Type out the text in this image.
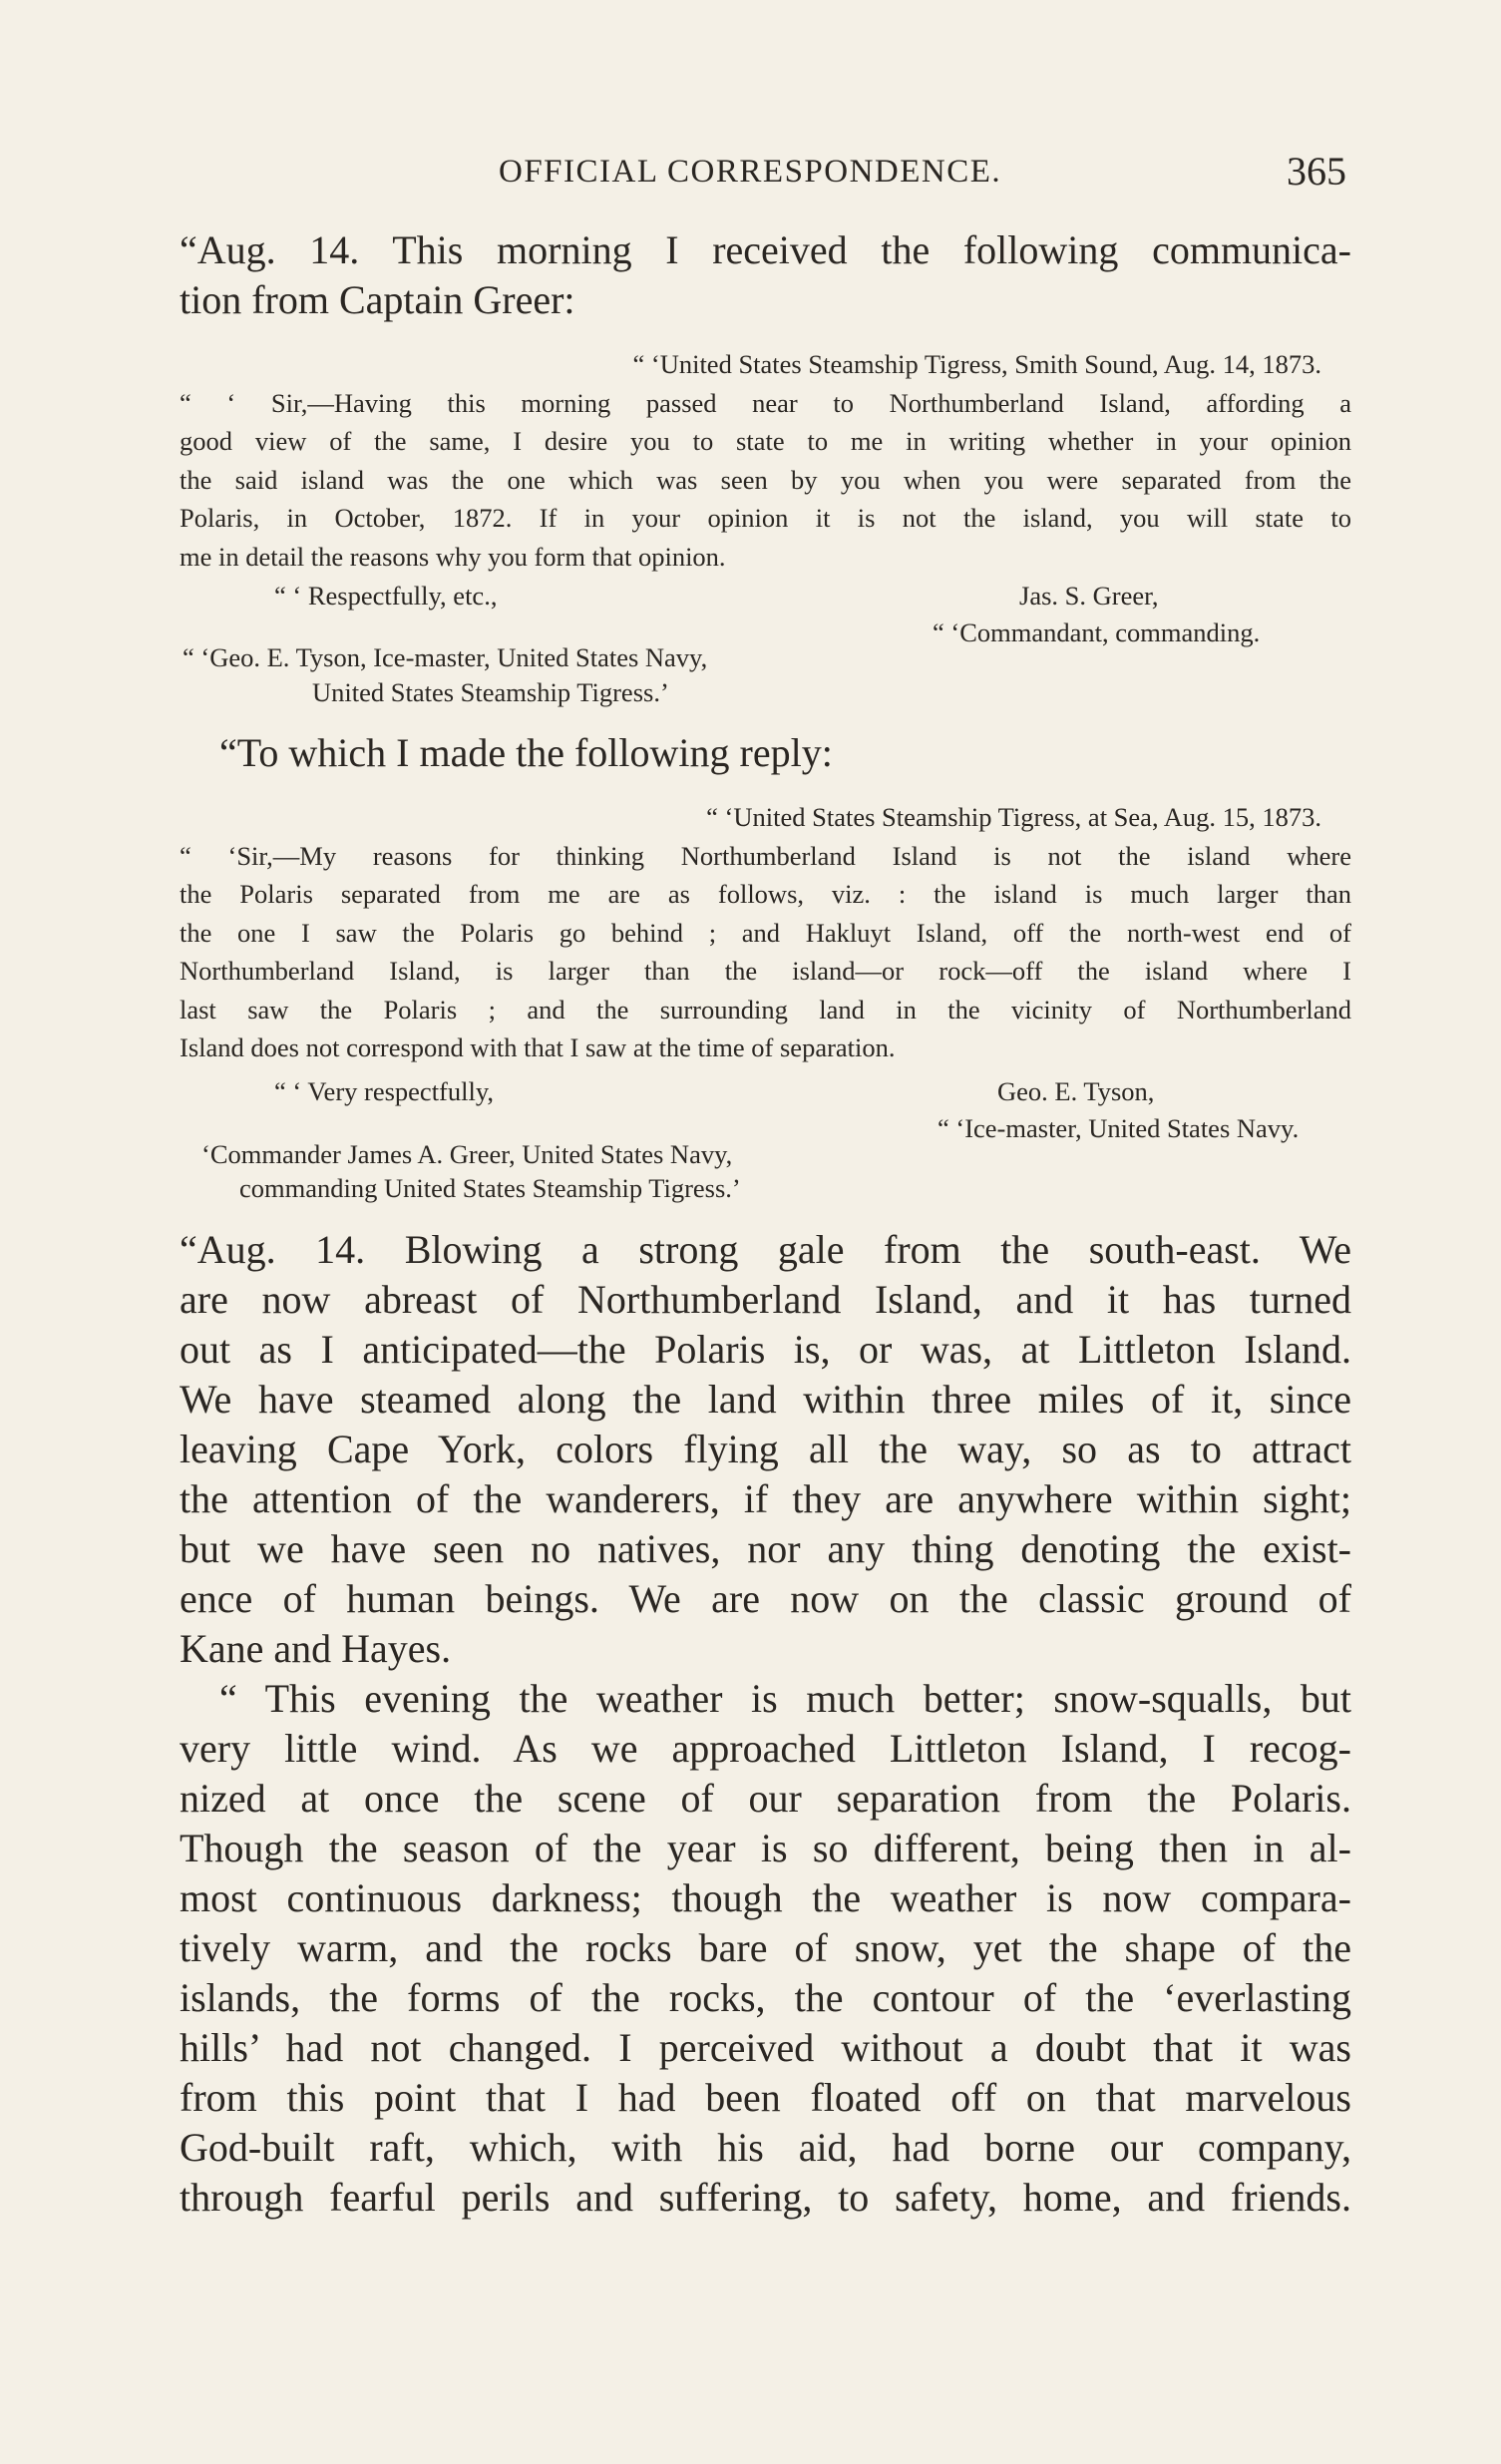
OFFICIAL CORRESPONDENCE.	365
“Aug. 14. This morning I received the following communica-
tion from Captain Greer:
“ ‘United States Steamship Tigress, Smith Sound, Aug. 14, 1873.
“ ‘ Sir,—Having this morning passed near to Northumberland Island, affording a
good view of the same, I desire you to state to me in writing whether in your opinion
the said island was the one which was seen by you when you were separated from the
Polaris, in October, 1872. If in your opinion it is not the island, you will state to
me in detail the reasons why you form that opinion.
“ ‘ Respectfully, etc.,	Jas. S. Greer,
“ ‘Commandant, commanding.
“ ‘Geo. E. Tyson, Ice-master, United States Navy,
United States Steamship Tigress.’
“To which I made the following reply:
“ ‘United States Steamship Tigress, at Sea, Aug. 15, 1873.
“ ‘Sir,—My reasons for thinking Northumberland Island is not the island where
the Polaris separated from me are as follows, viz. : the island is much larger than
the one I saw the Polaris go behind ; and Hakluyt Island, off the north-west end of
Northumberland Island, is larger than the island—or rock—off the island where I
last saw the Polaris ; and the surrounding land in the vicinity of Northumberland
Island does not correspond with that I saw at the time of separation.
“ ‘ Very respectfully,	Geo. E. Tyson,
“ ‘Ice-master, United States Navy.
‘Commander James A. Greer, United States Navy,
commanding United States Steamship Tigress.’
“Aug. 14. Blowing a strong gale from the south-east. We
are now abreast of Northumberland Island, and it has turned
out as I anticipated—the Polaris is, or was, at Littleton Island.
We have steamed along the land within three miles of it, since
leaving Cape York, colors flying all the way, so as to attract
the attention of the wanderers, if they are anywhere within sight;
but we have seen no natives, nor any thing denoting the exist-
ence of human beings. We are now on the classic ground of
Kane and Hayes.
“ This evening the weather is much better; snow-squalls, but
very little wind. As we approached Littleton Island, I recog-
nized at once the scene of our separation from the Polaris.
Though the season of the year is so different, being then in al-
most continuous darkness; though the weather is now compara-
tively warm, and the rocks bare of snow, yet the shape of the
islands, the forms of the rocks, the contour of the ‘everlasting
hills’ had not changed. I perceived without a doubt that it was
from this point that I had been floated off on that marvelous
God-built raft, which, with his aid, had borne our company,
through fearful perils and suffering, to safety, home, and friends.
